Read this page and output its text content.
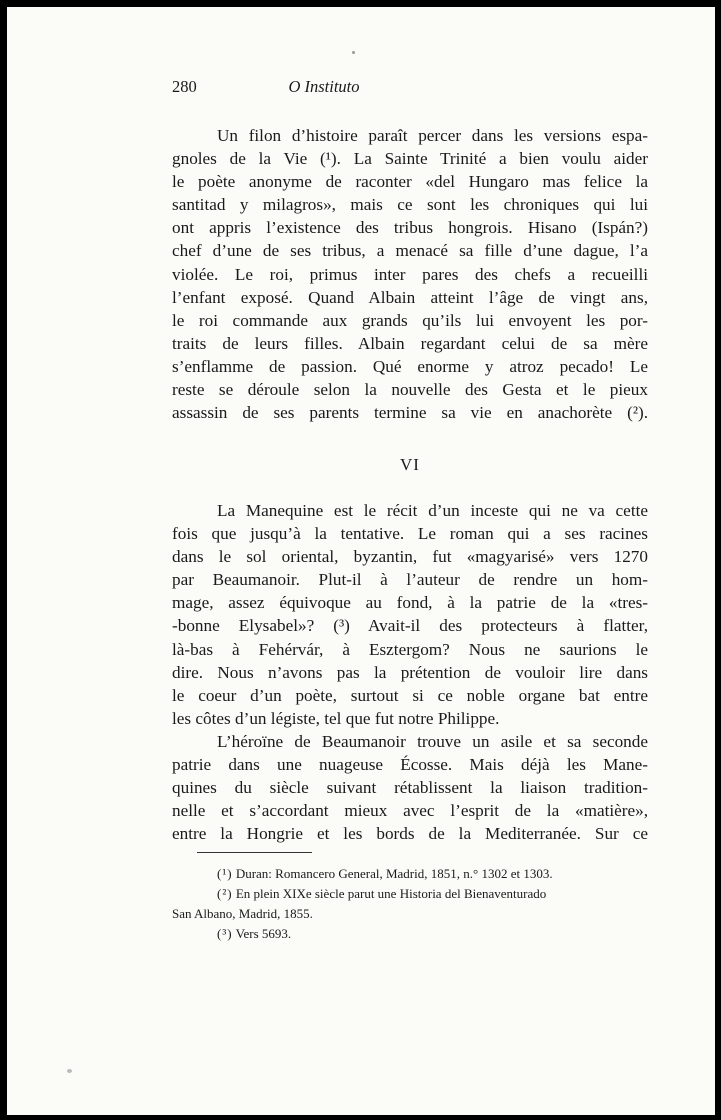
280	O Instituto
Un filon d’histoire paraît percer dans les versions espa-
gnoles de la Vie (¹). La Sainte Trinité a bien voulu aider
le poète anonyme de raconter «del Hungaro mas felice la
santitad y milagros», mais ce sont les chroniques qui lui
ont appris l’existence des tribus hongrois. Hisano (Ispán?)
chef d’une de ses tribus, a menacé sa fille d’une dague, l’a
violée. Le roi, primus inter pares des chefs a recueilli
l’enfant exposé. Quand Albain atteint l’âge de vingt ans,
le roi commande aux grands qu’ils lui envoyent les por-
traits de leurs filles. Albain regardant celui de sa mère
s’enflamme de passion. Qué enorme y atroz pecado! Le
reste se déroule selon la nouvelle des Gesta et le pieux
assassin de ses parents termine sa vie en anachorète (²).
VI
La Manequine est le récit d’un inceste qui ne va cette
fois que jusqu’à la tentative. Le roman qui a ses racines
dans le sol oriental, byzantin, fut «magyarisé» vers 1270
par Beaumanoir. Plut-il à l’auteur de rendre un hom-
mage, assez équivoque au fond, à la patrie de la «tres-
-bonne Elysabel»? (³) Avait-il des protecteurs à flatter,
là-bas à Fehérvár, à Esztergom? Nous ne saurions le
dire. Nous n’avons pas la prétention de vouloir lire dans
le coeur d’un poète, surtout si ce noble organe bat entre
les côtes d’un légiste, tel que fut notre Philippe.
L’héroïne de Beaumanoir trouve un asile et sa seconde
patrie dans une nuageuse Écosse. Mais déjà les Mane-
quines du siècle suivant rétablissent la liaison tradition-
nelle et s’accordant mieux avec l’esprit de la «matière»,
entre la Hongrie et les bords de la Mediterranée. Sur ce
(¹) Duran: Romancero General, Madrid, 1851, n.° 1302 et 1303.
(²) En plein XIXe siècle parut une Historia del Bienaventurado
San Albano, Madrid, 1855.
(³) Vers 5693.
